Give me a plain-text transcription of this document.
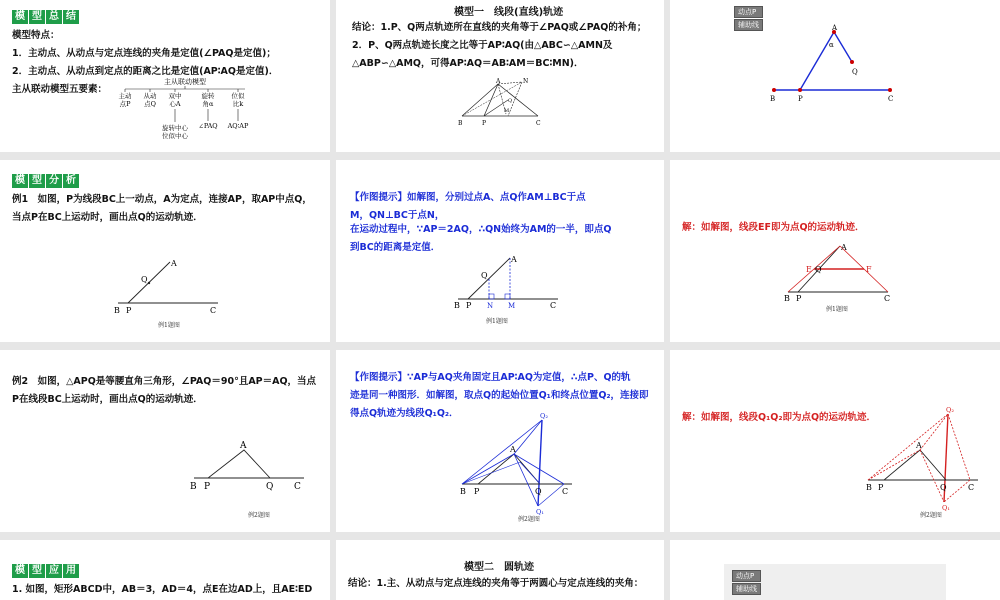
模 型 总 结
模型特点：
1．主动点、从动点与定点连线的夹角是定值(∠PAQ是定值)；
2．主动点、从动点到定点的距离之比是定值(AP∶AQ是定值)．
主从联动模型五要素：
主从联动模型
主动
点P
从动
点Q
双中
心A
旋转
角α
位似
比k
旋转中心
位似中心
∠PAQ AQ∶AP
模型一　线段(直线)轨迹
结论：1.P、Q两点轨迹所在直线的夹角等于∠PAQ或∠PAQ的补角；
2．P、Q两点轨迹长度之比等于AP∶AQ(由△ABC∽△AMN及
△ABP∽△AMQ，可得AP∶AQ＝AB∶AM＝BC∶MN)．
A	N
Q
M
B	P	C
动点P
辅助线	A
α
Q
B	P	C
模 型 分 析
例1　如图，P为线段BC上一动点，A为定点，连接AP，取AP中点Q，
当点P在BC上运动时，画出点Q的运动轨迹．
A
Q
B P	C
例1题图
【作图提示】如解图，分别过点A、点Q作AM⊥BC于点
M，QN⊥BC于点N，
在运动过程中，∵AP＝2AQ，∴QN始终为AM的一半，即点Q
到BC的距离是定值．
A
Q
B P N M	C
例1题图
解：如解图，线段EF即为点Q的运动轨迹．
A
E Q	F
B P	C
例1题图
例2　如图，△APQ是等腰直角三角形，∠PAQ＝90°且AP＝AQ，当点
P在线段BC上运动时，画出点Q的运动轨迹．
A
B P	Q C
例2题图
【作图提示】∵AP与AQ夹角固定且AP∶AQ为定值，∴点P、Q的轨
迹是同一种图形．如解图，取点Q的起始位置Q₁和终点位置Q₂，连接即
得点Q轨迹为线段Q₁Q₂．	Q₂
A
B P	Q	C
Q₁
例2题图
解：如解图，线段Q₁Q₂即为点Q的运动轨迹．
Q₂
A
B P	Q	C
Q₁
例2题图
模 型 应 用
1. 如图，矩形ABCD中，AB＝3，AD＝4，点E在边AD上，且AE∶ED
模型二　圆轨迹
结论：1.主、从动点与定点连线的夹角等于两圆心与定点连线的夹角：
动点P
辅助线
